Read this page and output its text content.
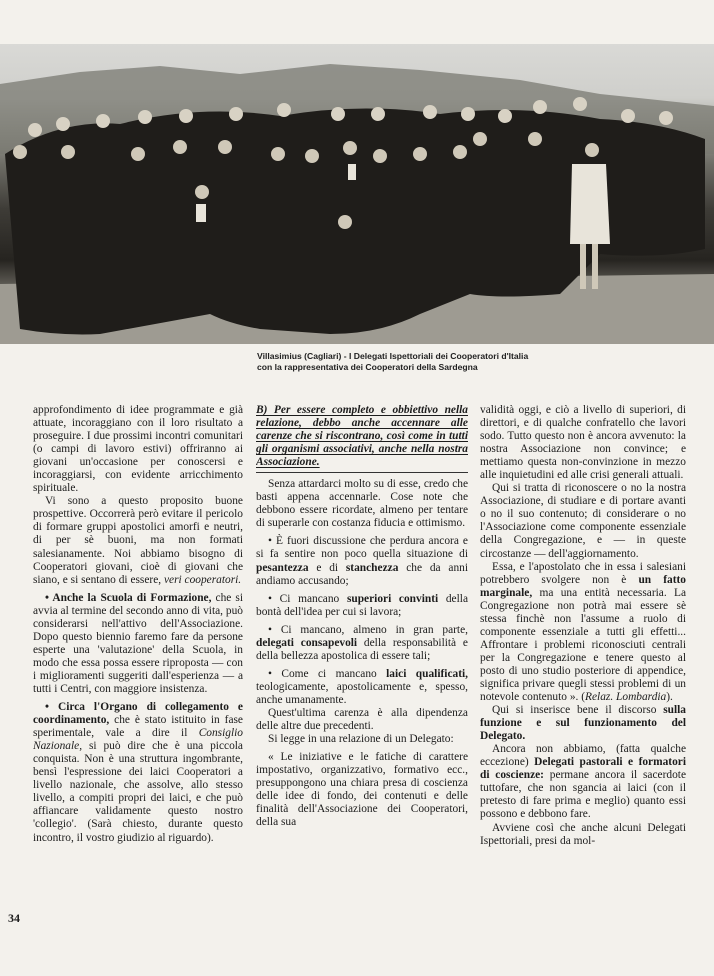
Villasimius (Cagliari) - I Delegati Ispettoriali dei Cooperatori d'Italia
con la rappresentativa dei Cooperatori della Sardegna

approfondimento di idee programmate e già attuate, incoraggiano con il loro risultato a proseguire. I due prossimi incontri comunitari (o campi di lavoro estivi) offriranno ai giovani un'occasione per conoscersi e incoraggiarsi, con evidente arricchimento spirituale.

Vi sono a questo proposito buone prospettive. Occorrerà però evitare il pericolo di formare gruppi apostolici amorfi e neutri, di per sè buoni, ma non formati salesianamente. Noi abbiamo bisogno di Cooperatori giovani, cioè di giovani che siano, e si sentano di essere, veri cooperatori.

• Anche la Scuola di Formazione, che si avvia al termine del secondo anno di vita, può considerarsi nell'attivo dell'Associazione. Dopo questo biennio faremo fare da persone esperte una 'valutazione' della Scuola, in modo che essa possa essere riproposta — con i miglioramenti suggeriti dall'esperienza — a tutti i Centri, con maggiore insistenza.

• Circa l'Organo di collegamento e coordinamento, che è stato istituito in fase sperimentale, vale a dire il Consiglio Nazionale, si può dire che è una piccola conquista. Non è una struttura ingombrante, bensì l'espressione dei laici Cooperatori a livello nazionale, che assolve, allo stesso livello, a compiti propri dei laici, e che può affiancare validamente questo nostro 'collegio'. (Sarà chiesto, durante questo incontro, il vostro giudizio al riguardo).

B) Per essere completo e obbiettivo nella relazione, debbo anche accennare alle carenze che si riscontrano, così come in tutti gli organismi associativi, anche nella nostra Associazione.

Senza attardarci molto su di esse, credo che basti appena accennarle. Cose note che debbono essere ricordate, almeno per tentare di superarle con costanza fiducia e ottimismo.

• È fuori discussione che perdura ancora e si fa sentire non poco quella situazione di pesantezza e di stanchezza che da anni andiamo accusando;

• Ci mancano superiori convinti della bontà dell'idea per cui si lavora;

• Ci mancano, almeno in gran parte, delegati consapevoli della responsabilità e della bellezza apostolica di essere tali;

• Come ci mancano laici qualificati, teologicamente, apostolicamente e, spesso, anche umanamente.

Quest'ultima carenza è alla dipendenza delle altre due precedenti.

Si legge in una relazione di un Delegato:

« Le iniziative e le fatiche di carattere impostativo, organizzativo, formativo ecc., presuppongono una chiara presa di coscienza delle idee di fondo, dei contenuti e delle finalità dell'Associazione dei Cooperatori, della sua

validità oggi, e ciò a livello di superiori, di direttori, e di qualche confratello che lavori sodo. Tutto questo non è ancora avvenuto: la nostra Associazione non convince; e mettiamo questa non-convinzione in mezzo alle inquietudini ed alle crisi generali attuali.

Qui si tratta di riconoscere o no la nostra Associazione, di studiare e di portare avanti o no il suo contenuto; di considerare o no l'Associazione come componente essenziale della Congregazione, e — in queste circostanze — dell'aggiornamento.

Essa, e l'apostolato che in essa i salesiani potrebbero svolgere non è un fatto marginale, ma una entità necessaria. La Congregazione non potrà mai essere sè stessa finchè non l'assume a ruolo di componente essenziale a tutti gli effetti... Affrontare i problemi riconosciuti centrali per la Congregazione e tenere questo al posto di uno studio posteriore di appendice, significa privare quegli stessi problemi di un notevole contenuto ». (Relaz. Lombardia).

Qui si inserisce bene il discorso sulla funzione e sul funzionamento del Delegato.

Ancora non abbiamo, (fatta qualche eccezione) Delegati pastorali e formatori di coscienze: permane ancora il sacerdote tuttofare, che non sgancia ai laici (con il pretesto di fare prima e meglio) quanto essi possono e debbono fare.

Avviene così che anche alcuni Delegati Ispettoriali, presi da mol-

34
